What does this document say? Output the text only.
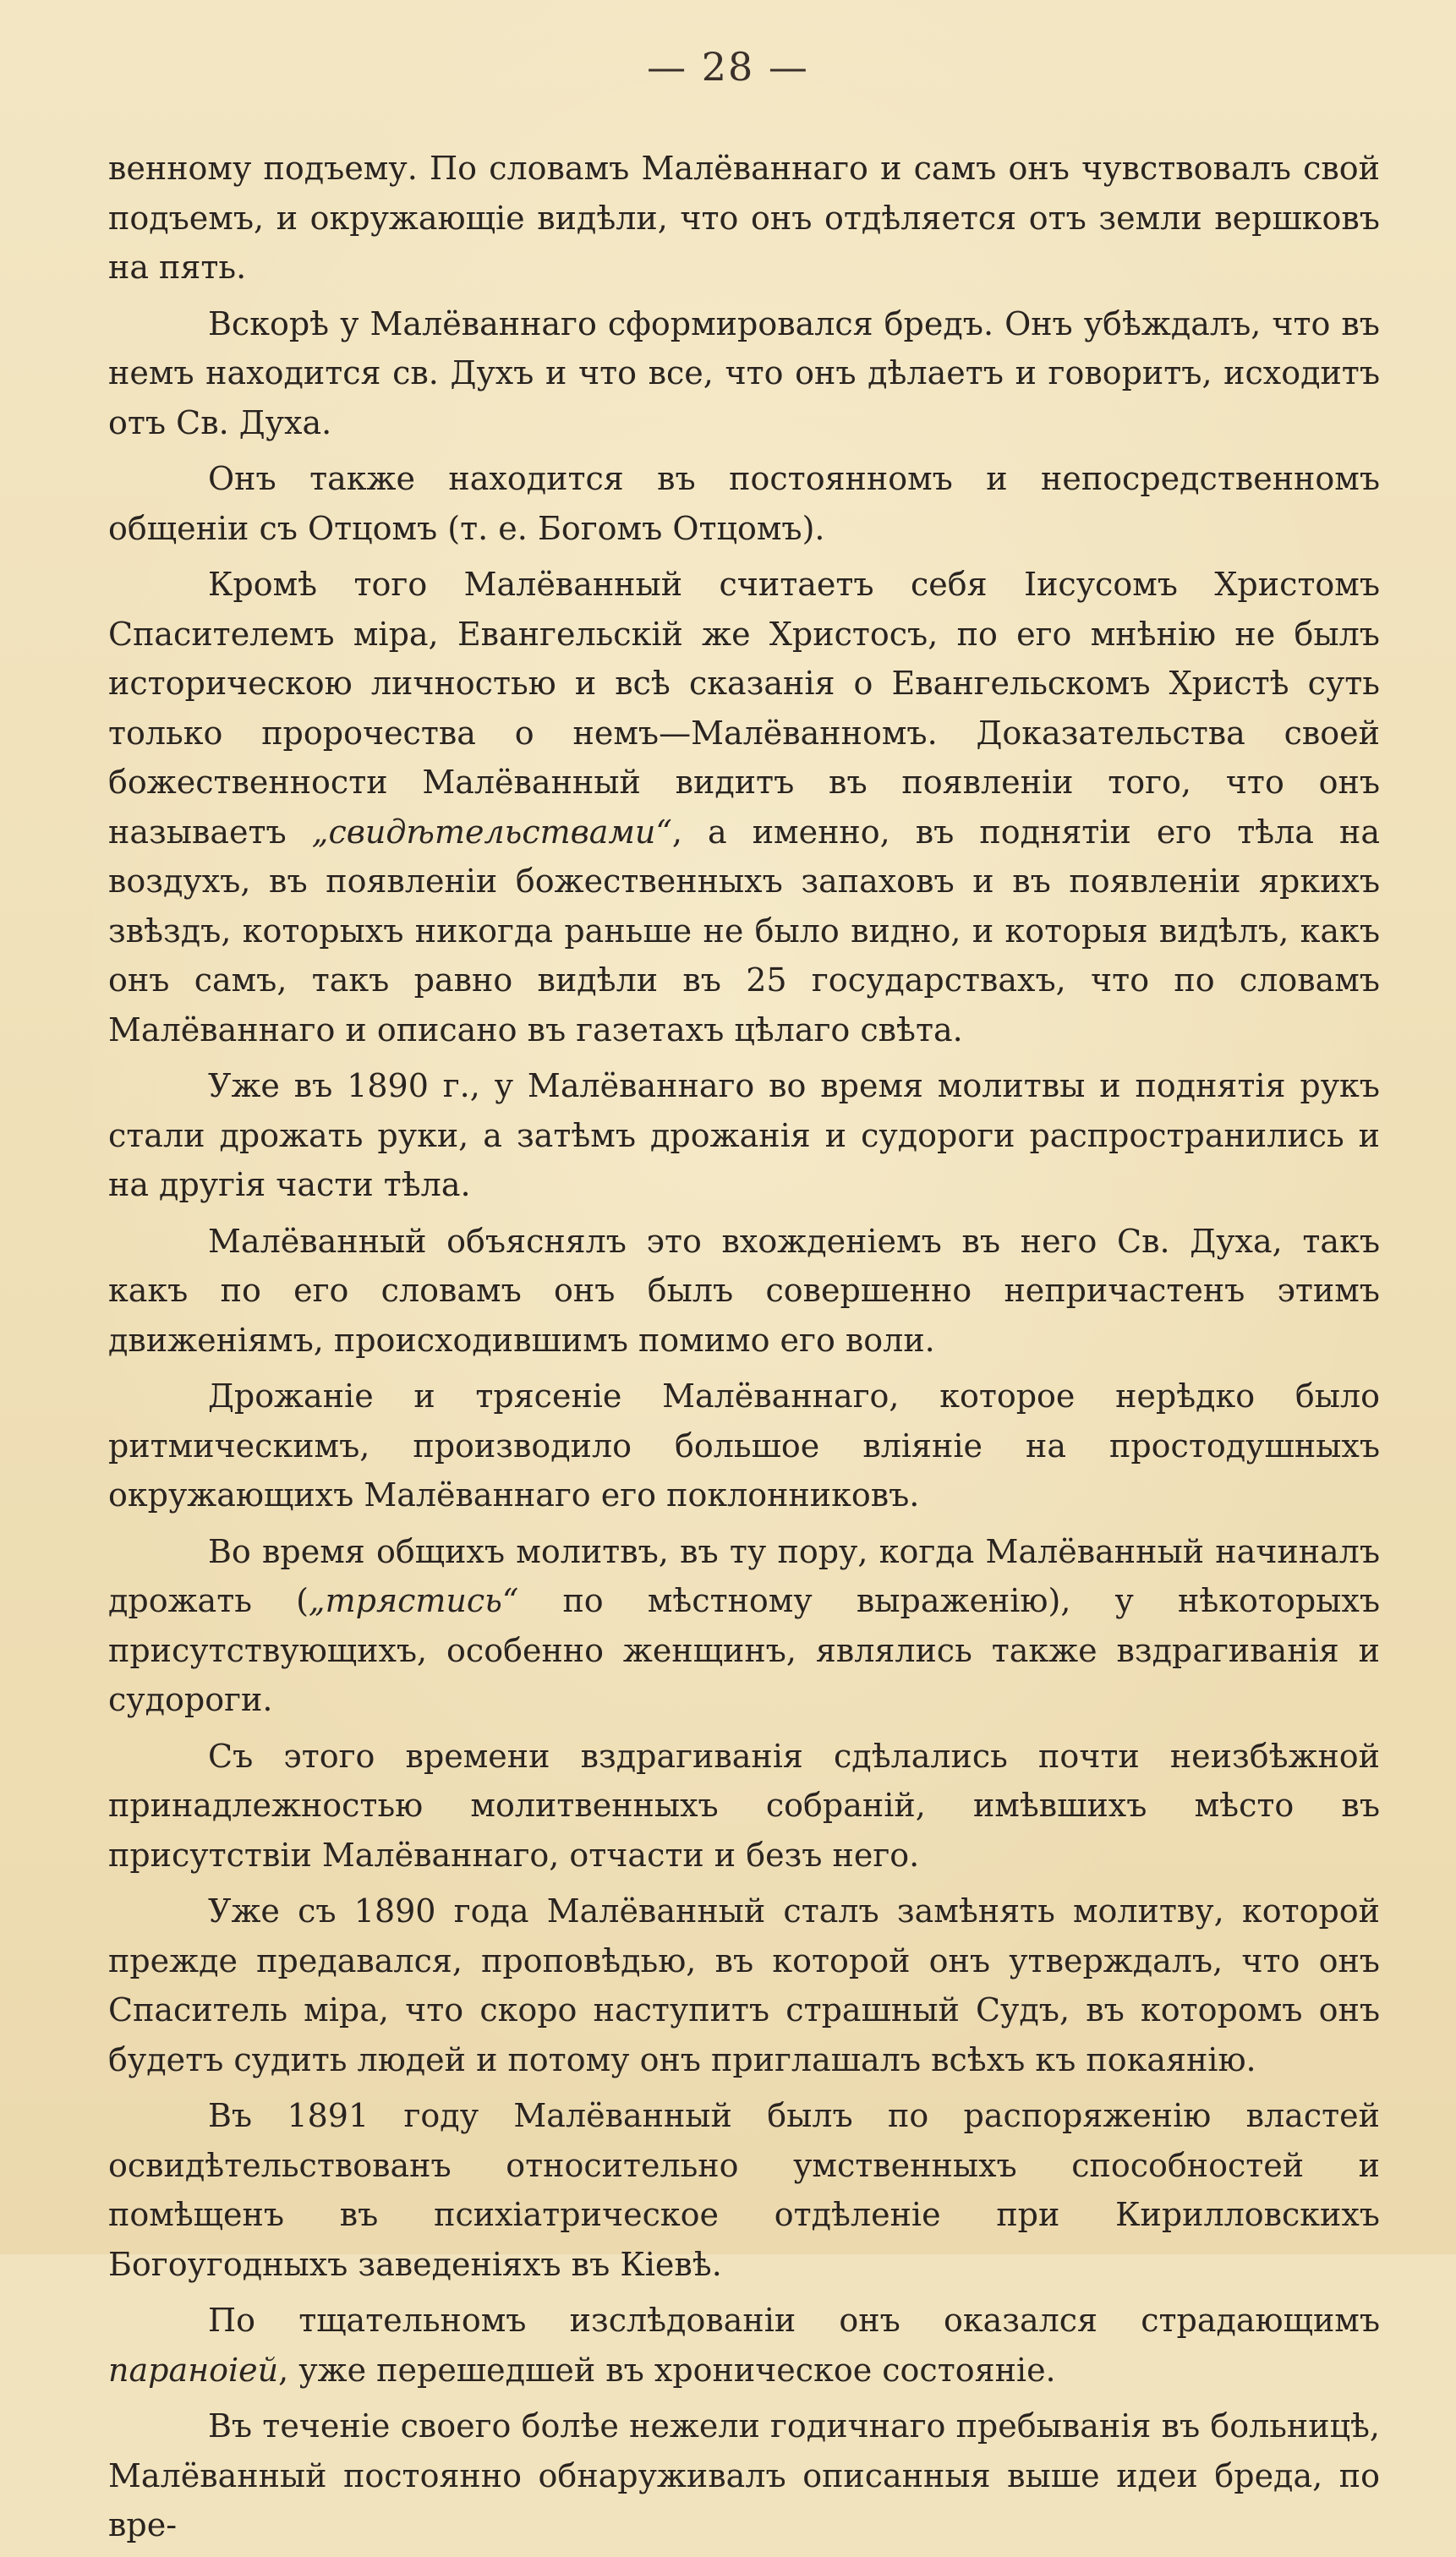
— 28 —

венному подъему. По словамъ Малёваннаго и самъ онъ чувствовалъ свой подъемъ, и окружающіе видѣли, что онъ отдѣляется отъ земли вершковъ на пять.

Вскорѣ у Малёваннаго сформировался бредъ. Онъ убѣждалъ, что въ немъ находится св. Духъ и что все, что онъ дѣлаетъ и говоритъ, исходитъ отъ Св. Духа.

Онъ также находится въ постоянномъ и непосредственномъ общеніи съ Отцомъ (т. е. Богомъ Отцомъ).

Кромѣ того Малёванный считаетъ себя Іисусомъ Христомъ Спасителемъ міра, Евангельскій же Христосъ, по его мнѣнію не былъ историческою личностью и всѣ сказанія о Евангельскомъ Христѣ суть только пророчества о немъ—Малёванномъ. Доказательства своей божественности Малёванный видитъ въ появленіи того, что онъ называетъ „свидѣтельствами“, а именно, въ поднятіи его тѣла на воздухъ, въ появленіи божественныхъ запаховъ и въ появленіи яркихъ звѣздъ, которыхъ никогда раньше не было видно, и которыя видѣлъ, какъ онъ самъ, такъ равно видѣли въ 25 государствахъ, что по словамъ Малёваннаго и описано въ газетахъ цѣлаго свѣта.

Уже въ 1890 г., у Малёваннаго во время молитвы и поднятія рукъ стали дрожать руки, а затѣмъ дрожанія и судороги распространились и на другія части тѣла.

Малёванный объяснялъ это вхожденіемъ въ него Св. Духа, такъ какъ по его словамъ онъ былъ совершенно непричастенъ этимъ движеніямъ, происходившимъ помимо его воли.

Дрожаніе и трясеніе Малёваннаго, которое нерѣдко было ритмическимъ, производило большое вліяніе на простодушныхъ окружающихъ Малёваннаго его поклонниковъ.

Во время общихъ молитвъ, въ ту пору, когда Малёванный начиналъ дрожать („трястись“ по мѣстному выраженію), у нѣкоторыхъ присутствующихъ, особенно женщинъ, являлись также вздрагиванія и судороги.

Съ этого времени вздрагиванія сдѣлались почти неизбѣжной принадлежностью молитвенныхъ собраній, имѣвшихъ мѣсто въ присутствіи Малёваннаго, отчасти и безъ него.

Уже съ 1890 года Малёванный сталъ замѣнять молитву, которой прежде предавался, проповѣдью, въ которой онъ утверждалъ, что онъ Спаситель міра, что скоро наступитъ страшный Судъ, въ которомъ онъ будетъ судить людей и потому онъ приглашалъ всѣхъ къ покаянію.

Въ 1891 году Малёванный былъ по распоряженію властей освидѣтельствованъ относительно умственныхъ способностей и помѣщенъ въ психіатрическое отдѣленіе при Кирилловскихъ Богоугодныхъ заведеніяхъ въ Кіевѣ.

По тщательномъ изслѣдованіи онъ оказался страдающимъ параноіей, уже перешедшей въ хроническое состояніе.

Въ теченіе своего болѣе нежели годичнаго пребыванія въ больницѣ, Малёванный постоянно обнаруживалъ описанныя выше идеи бреда, по вре-
